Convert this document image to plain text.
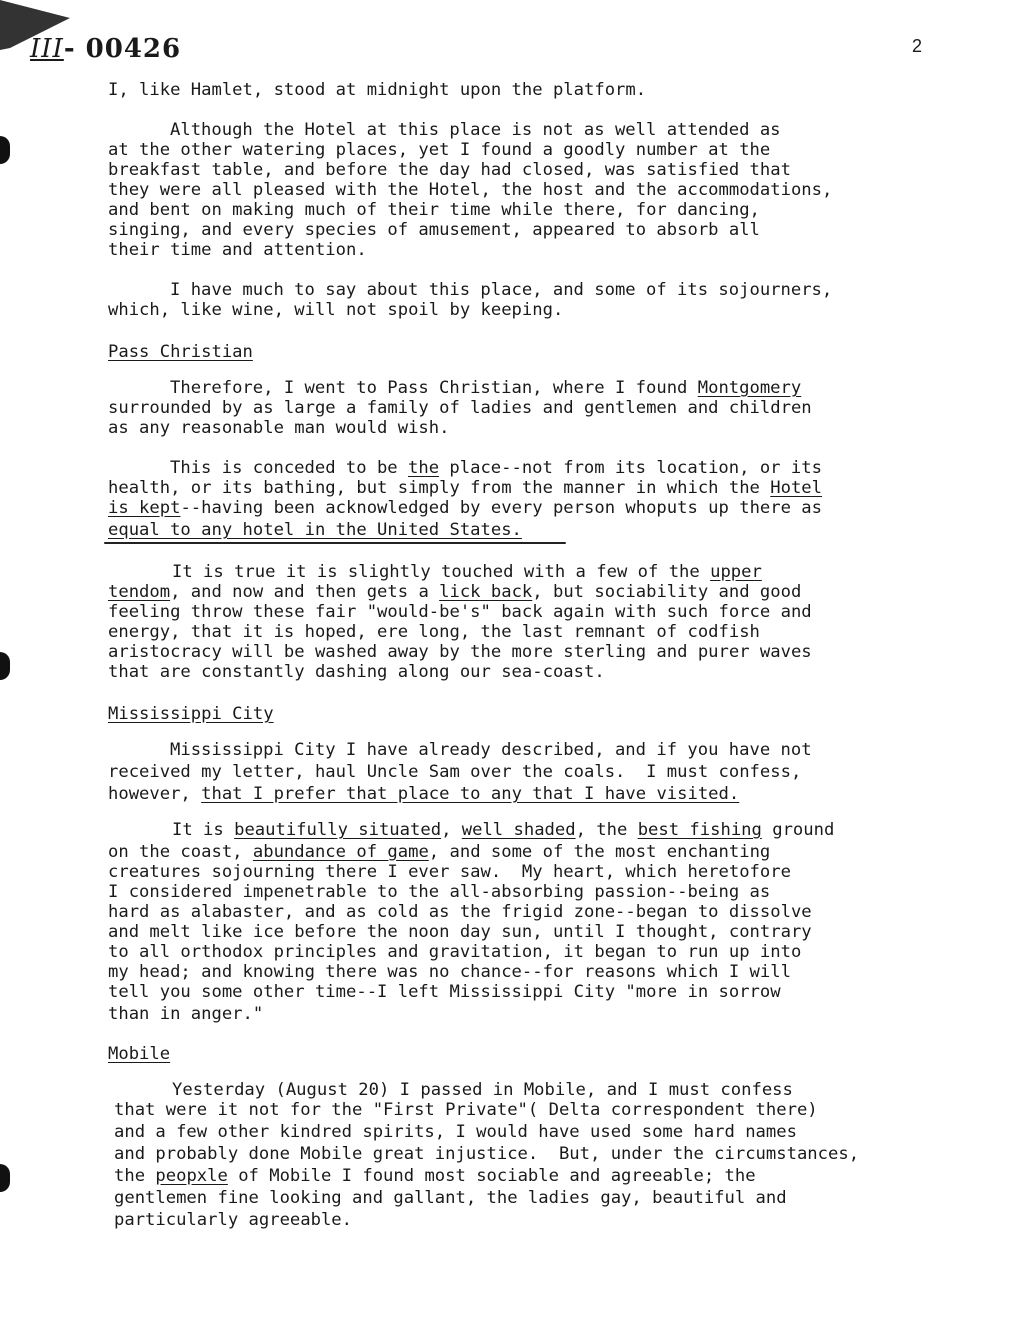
III- 00426	2
I, like Hamlet, stood at midnight upon the platform.
Although the Hotel at this place is not as well attended as
at the other watering places, yet I found a goodly number at the
breakfast table, and before the day had closed, was satisfied that
they were all pleased with the Hotel, the host and the accommodations,
and bent on making much of their time while there, for dancing,
singing, and every species of amusement, appeared to absorb all
their time and attention.
I have much to say about this place, and some of its sojourners,
which, like wine, will not spoil by keeping.
Pass Christian
Therefore, I went to Pass Christian, where I found Montgomery
surrounded by as large a family of ladies and gentlemen and children
as any reasonable man would wish.
This is conceded to be the place--not from its location, or its
health, or its bathing, but simply from the manner in which the Hotel
is kept--having been acknowledged by every person whoputs up there as
equal to any hotel in the United States.
It is true it is slightly touched with a few of the upper
tendom, and now and then gets a lick back, but sociability and good
feeling throw these fair "would-be's" back again with such force and
energy, that it is hoped, ere long, the last remnant of codfish
aristocracy will be washed away by the more sterling and purer waves
that are constantly dashing along our sea-coast.
Mississippi City
Mississippi City I have already described, and if you have not
received my letter, haul Uncle Sam over the coals.  I must confess,
however, that I prefer that place to any that I have visited.
It is beautifully situated, well shaded, the best fishing ground
on the coast, abundance of game, and some of the most enchanting
creatures sojourning there I ever saw.  My heart, which heretofore
I considered impenetrable to the all-absorbing passion--being as
hard as alabaster, and as cold as the frigid zone--began to dissolve
and melt like ice before the noon day sun, until I thought, contrary
to all orthodox principles and gravitation, it began to run up into
my head; and knowing there was no chance--for reasons which I will
tell you some other time--I left Mississippi City "more in sorrow
than in anger."
Mobile
Yesterday (August 20) I passed in Mobile, and I must confess
that were it not for the "First Private"( Delta correspondent there)
and a few other kindred spirits, I would have used some hard names
and probably done Mobile great injustice.  But, under the circumstances,
the peopxle of Mobile I found most sociable and agreeable; the
gentlemen fine looking and gallant, the ladies gay, beautiful and
particularly agreeable.
